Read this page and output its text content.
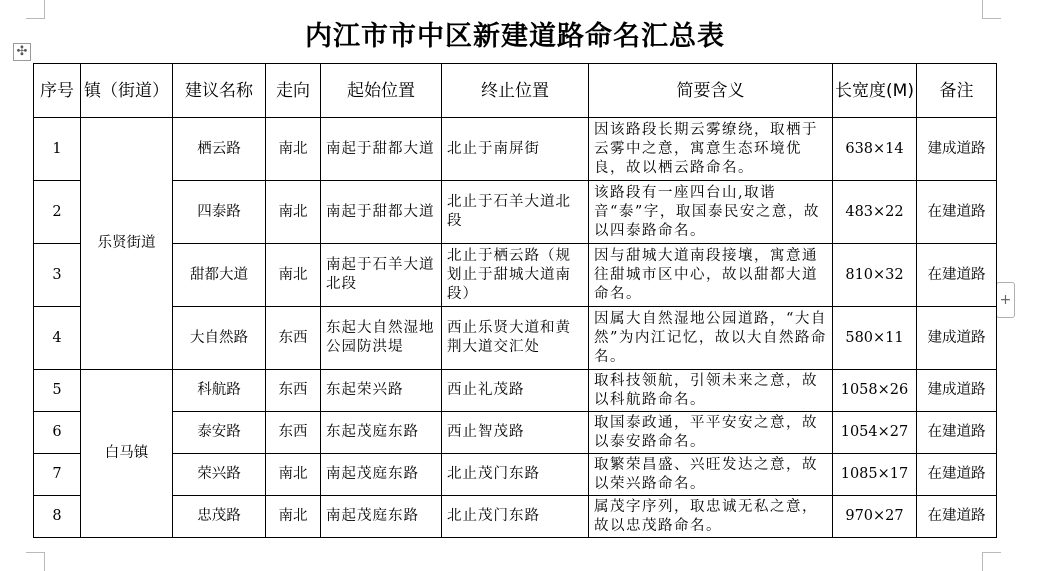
✣
+
内江市市中区新建道路命名汇总表
序号	镇（街道）	建议名称	走向	起始位置	终止位置	简要含义	长宽度(M)	备注
1	乐贤街道	栖云路	南北	南起于甜都大道	北止于南屏街	因该路段长期云雾缭绕，取栖于云雾中之意，寓意生态环境优良，故以栖云路命名。	638×14	建成道路
2		四泰路	南北	南起于甜都大道	北止于石羊大道北段	该路段有一座四台山,取谐音“泰”字，取国泰民安之意，故以四泰路命名。	483×22	在建道路
3		甜都大道	南北	南起于石羊大道北段	北止于栖云路（规划止于甜城大道南段）	因与甜城大道南段接壤，寓意通往甜城市区中心，故以甜都大道命名。	810×32	在建道路
4		大自然路	东西	东起大自然湿地公园防洪堤	西止乐贤大道和黄荆大道交汇处	因属大自然湿地公园道路，“大自然”为内江记忆，故以大自然路命名。	580×11	建成道路
5	白马镇	科航路	东西	东起荣兴路	西止礼茂路	取科技领航，引领未来之意，故以科航路命名。	1058×26	建成道路
6		泰安路	东西	东起茂庭东路	西止智茂路	取国泰政通，平平安安之意，故以泰安路命名。	1054×27	在建道路
7		荣兴路	南北	南起茂庭东路	北止茂门东路	取繁荣昌盛、兴旺发达之意，故以荣兴路命名。	1085×17	在建道路
8		忠茂路	南北	南起茂庭东路	北止茂门东路	属茂字序列，取忠诚无私之意，故以忠茂路命名。	970×27	在建道路
